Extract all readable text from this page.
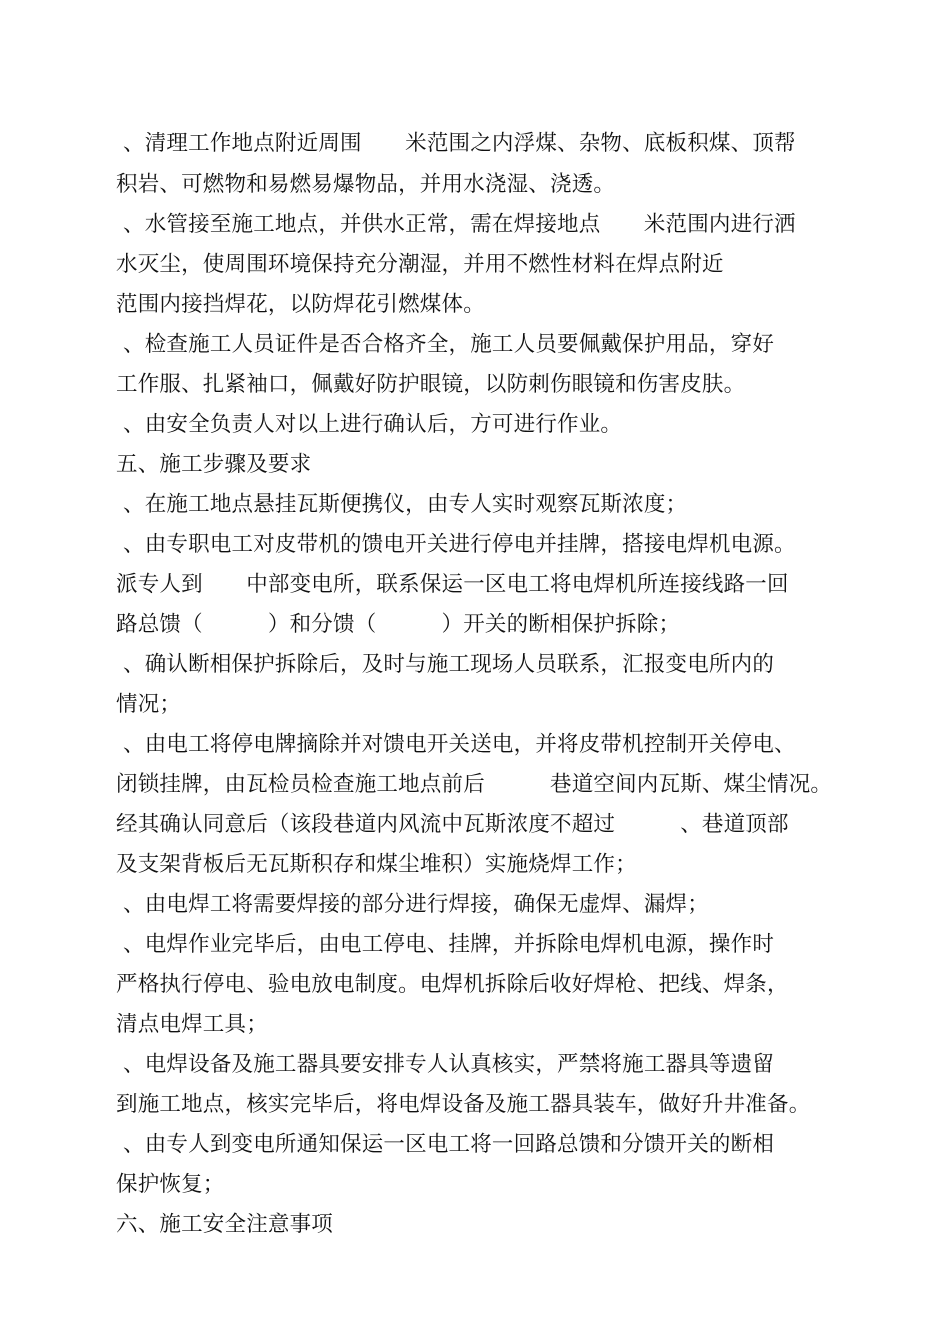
、清理工作地点附近周围　　米范围之内浮煤、杂物、底板积煤、顶帮
积岩、可燃物和易燃易爆物品，并用水浇湿、浇透。
、水管接至施工地点，并供水正常，需在焊接地点　　米范围内进行洒
水灭尘，使周围环境保持充分潮湿，并用不燃性材料在焊点附近
范围内接挡焊花，以防焊花引燃煤体。
、检查施工人员证件是否合格齐全，施工人员要佩戴保护用品，穿好
工作服、扎紧袖口，佩戴好防护眼镜，以防刺伤眼镜和伤害皮肤。
、由安全负责人对以上进行确认后，方可进行作业。
五、施工步骤及要求
、在施工地点悬挂瓦斯便携仪，由专人实时观察瓦斯浓度；
、由专职电工对皮带机的馈电开关进行停电并挂牌，搭接电焊机电源。
派专人到　　中部变电所，联系保运一区电工将电焊机所连接线路一回
路总馈（　　　）和分馈（　　　）开关的断相保护拆除；
、确认断相保护拆除后，及时与施工现场人员联系，汇报变电所内的
情况；
、由电工将停电牌摘除并对馈电开关送电，并将皮带机控制开关停电、
闭锁挂牌，由瓦检员检查施工地点前后　　　巷道空间内瓦斯、煤尘情况。
经其确认同意后（该段巷道内风流中瓦斯浓度不超过　　　、巷道顶部
及支架背板后无瓦斯积存和煤尘堆积）实施烧焊工作；
、由电焊工将需要焊接的部分进行焊接，确保无虚焊、漏焊；
、电焊作业完毕后，由电工停电、挂牌，并拆除电焊机电源，操作时
严格执行停电、验电放电制度。电焊机拆除后收好焊枪、把线、焊条，
清点电焊工具；
、电焊设备及施工器具要安排专人认真核实，严禁将施工器具等遗留
到施工地点，核实完毕后，将电焊设备及施工器具装车，做好升井准备。
、由专人到变电所通知保运一区电工将一回路总馈和分馈开关的断相
保护恢复；
六、施工安全注意事项
